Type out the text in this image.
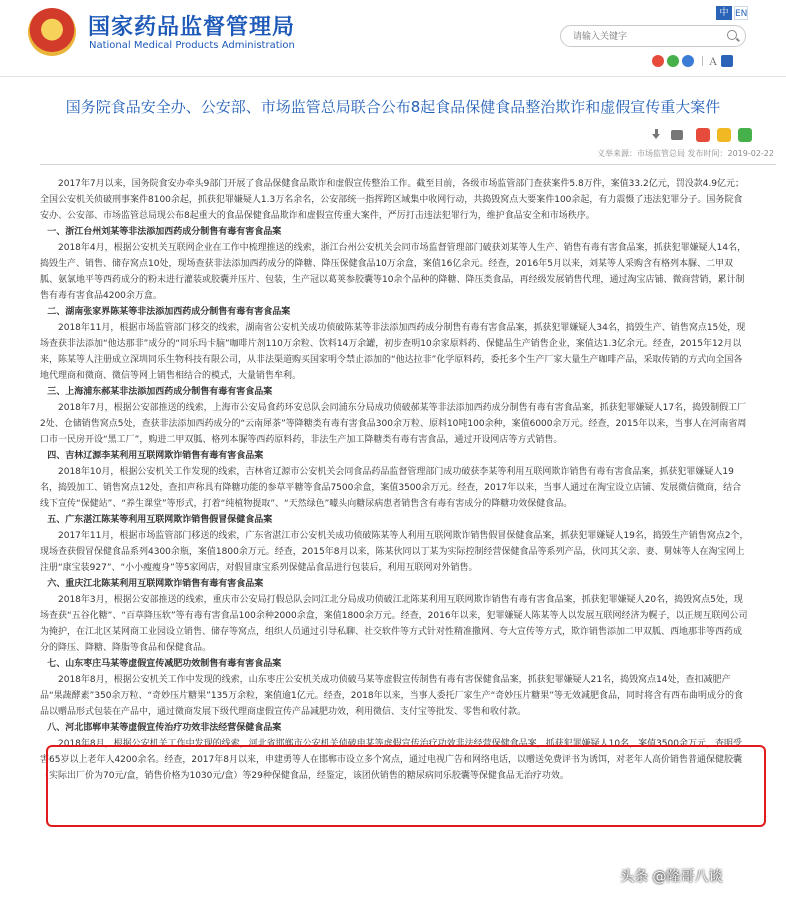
国家药品监督管理局
National Medical Products Administration
中 EN
请输入关键字
Ａ
国务院食品安全办、公安部、市场监管总局联合公布8起食品保健食品整治欺诈和虚假宣传重大案件

义举来源：市场监管总局 发布时间：2019-02-22

2017年7月以来，国务院食安办牵头9部门开展了食品保健食品欺诈和虚假宣传整治工作。截至目前，各级市场监管部门查获案件5.8万件，案值33.2亿元，罚没款4.9亿元；全国公安机关侦破刑事案件8100余起，抓获犯罪嫌疑人1.3万名余名，公安部统一指挥跨区域集中收网行动，共捣毁窝点大要案件100余起，有力震慑了违法犯罪分子。国务院食安办、公安部、市场监管总局现公布8起重大的食品保健食品欺诈和虚假宣传重大案件，严厉打击违法犯罪行为，维护食品安全和市场秩序。

一、浙江台州刘某等非法添加西药成分制售有毒有害食品案

2018年4月，根据公安机关互联网企业在工作中梳理推送的线索，浙江台州公安机关会同市场监督管理部门破获刘某等人生产、销售有毒有害食品案，抓获犯罪嫌疑人14名，捣毁生产、销售、储存窝点10处，现场查获非法添加西药成分的降糖、降压保健食品10万余盒，案值16亿余元。经查，2016年5月以来，刘某等人采购含有格列本脲、二甲双胍、氨氯地平等西药成分的粉末进行灌装或胶囊并压片、包装，生产冠以葛荚参胶囊等10余个品种的降糖、降压类食品，再经级发展销售代理，通过淘宝店铺、微商营销，累计制售有毒有害食品4200余万盒。

二、湖南张家界陈某等非法添加西药成分制售有毒有害食品案

2018年11月，根据市场监管部门移交的线索，湖南省公安机关成功侦破陈某等非法添加西药成分制售有毒有害食品案，抓获犯罪嫌疑人34名，捣毁生产、销售窝点15处，现场查获非法添加“他达那非”成分的“同乐玛卡脑”咖啡片剂110万余粒、饮料14万余罐，初步查明10余家原料药、保健品生产销售企业，案值达1.3亿余元。经查，2015年12月以来，陈某等人注册成立深圳同乐生物科技有限公司，从非法渠道购买国家明令禁止添加的“他达拉非”化学原料药，委托多个生产厂家大量生产咖啡产品，采取传销的方式向全国各地代理商和微商、微信等网上销售相结合的模式，大量销售牟利。

三、上海浦东郝某非法添加西药成分制售有毒有害食品案

2018年7月，根据公安部推送的线索，上海市公安局食药环安总队会同浦东分局成功侦破郝某等非法添加西药成分制售有毒有害食品案，抓获犯罪嫌疑人17名，捣毁制假工厂2处、仓储销售窝点5处，查获非法添加西药成分的“云南犀茶”等降糖类有毒有害食品300余万粒、原料10吨100余种，案值6000余万元。经查，2015年以来，当事人在河南省周口市一民房开设“黑工厂”，购进二甲双胍、格列本脲等西药原料药，非法生产加工降糖类有毒有害食品，通过开设网店等方式销售。

四、吉林辽源李某利用互联网欺诈销售有毒有害食品案

2018年10月，根据公安机关工作发现的线索，吉林省辽源市公安机关会同食品药品监督管理部门成功破获李某等利用互联网欺诈销售有毒有害食品案，抓获犯罪嫌疑人19名，捣毁加工、销售窝点12处，查扣声称具有降糖功能的参草平糖等食品7500余盒，案值3500余万元。经查，2017年以来，当事人通过在淘宝设立店铺、发展微信微商，结合线下宣传“保健站”、“养生课堂”等形式，打着“纯植物提取”、“天然绿色”噱头向糖尿病患者销售含有毒有害成分的降糖功效保健食品。

五、广东湛江陈某等利用互联网欺诈销售假冒保健食品案

2017年11月，根据市场监管部门移送的线索，广东省湛江市公安机关成功侦破陈某等人利用互联网欺诈销售假冒保健食品案，抓获犯罪嫌疑人19名，捣毁生产销售窝点2个，现场查获假冒保健食品系列4300余瓶，案值1800余万元。经查，2015年8月以来，陈某伙同以丁某为实际控制经营保健食品等系列产品，伙同其父亲、妻、舅妹等人在淘宝网上注册“康宝装927”、“小小瘦瘦身”等5家网店，对假冒康宝系列保健品食品进行包装后，利用互联网对外销售。

六、重庆江北陈某利用互联网欺诈销售有毒有害食品案

2018年3月，根据公安部推送的线索，重庆市公安局打假总队会同江北分局成功侦破江北陈某利用互联网欺诈销售有毒有害食品案，抓获犯罪嫌疑人20名，捣毁窝点5处，现场查获“五谷化糖”、“百草降压软”等有毒有害食品100余种2000余盒，案值1800余万元。经查，2016年以来，犯罪嫌疑人陈某等人以发展互联网经济为幌子，以正规互联网公司为掩护，在江北区某网商工业园设立销售、储存等窝点，组织人员通过引导私聊、社交软件等方式针对性精准撒网、夸大宣传等方式，欺诈销售添加二甲双胍、西地那非等西药成分的降压、降糖、降脂等食品和保健食品。

七、山东枣庄马某等虚假宣传减肥功效制售有毒有害食品案

2018年8月，根据公安机关工作中发现的线索，山东枣庄公安机关成功侦破马某等虚假宣传制售有毒有害保健食品案，抓获犯罪嫌疑人21名，捣毁窝点14处，查扣减肥产品“果蔬酵素”350余万粒、“奇妙压片糖果”135万余粒，案值逾1亿元。经查，2018年以来，当事人委托厂家生产“奇妙压片糖果”等无效减肥食品，同时将含有西布曲明成分的食品以赠品形式包装在产品中，通过微商发展下级代理商虚假宣传产品减肥功效，利用微信、支付宝等批发、零售和收付款。

八、河北邯郸申某等虚假宣传治疗功效非法经营保健食品案

2018年8月，根据公安机关工作中发现的线索，河北省邯郸市公安机关侦破申某等虚假宣传治疗功效非法经营保健食品案，抓获犯罪嫌疑人10名，案值3500余万元，查明受害65岁以上老年人4200余名。经查，2017年8月以来，申建勇等人在邯郸市设立多个窝点，通过电视广告和网络电话，以赠送免费评书为诱饵，对老年人高价销售普通保健胶囊（实际出厂价为70元/盒，销售价格为1030元/盒）等29种保健食品，经鉴定，该团伙销售的糖尿病同乐胶囊等保健食品无治疗功效。

头条 @隆哥八谈
